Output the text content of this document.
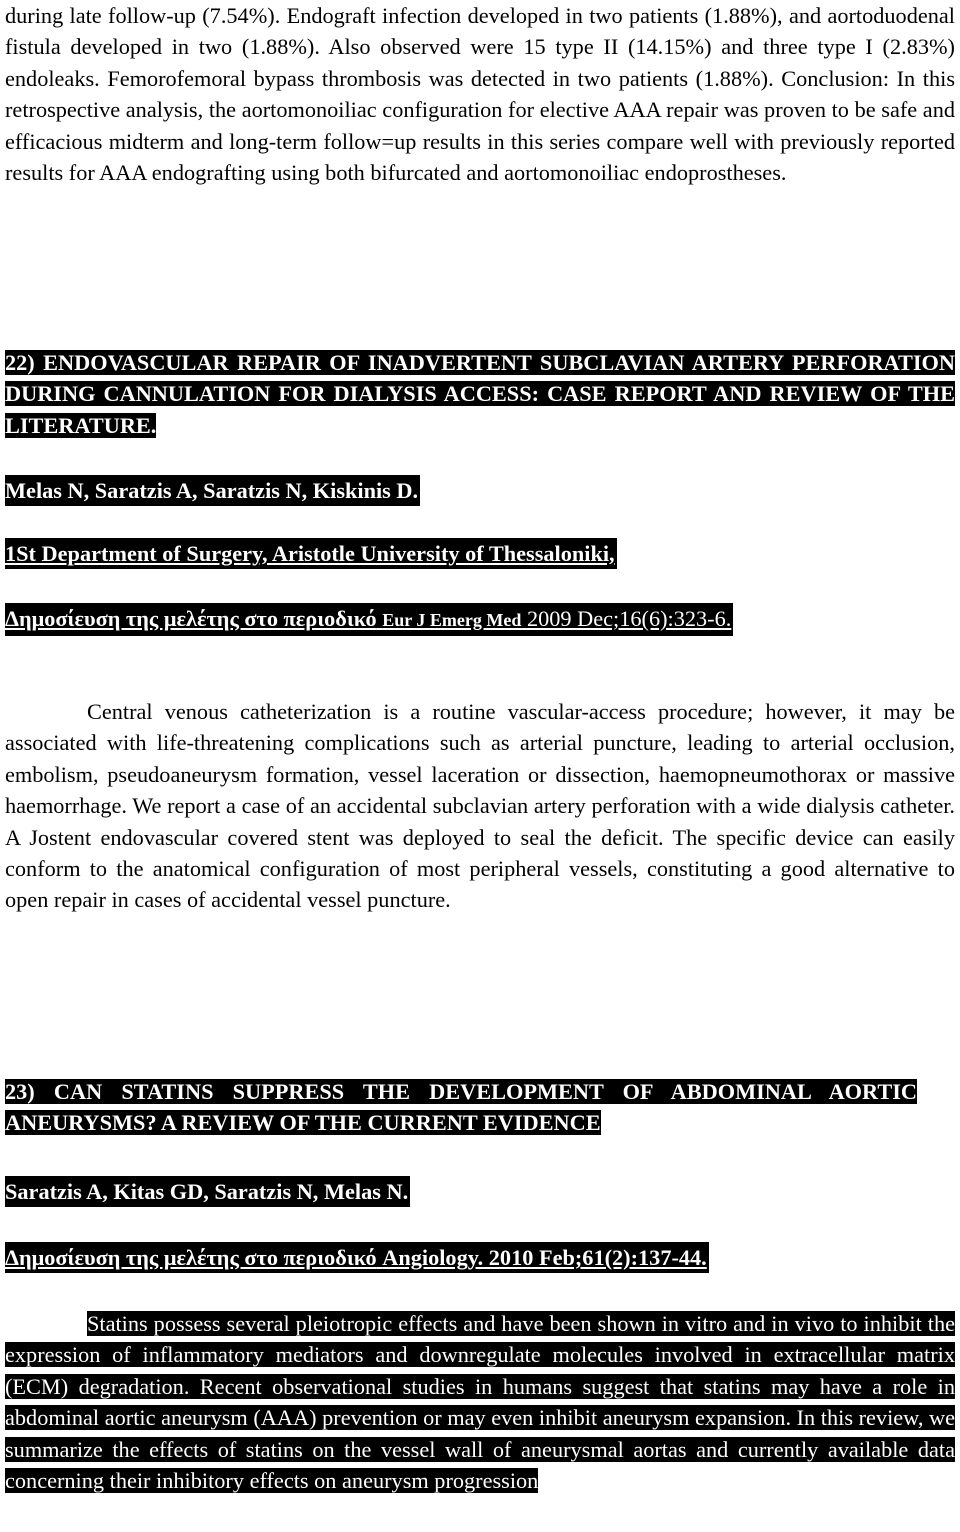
during late follow-up (7.54%). Endograft infection developed in two patients (1.88%), and aortoduodenal fistula developed in two (1.88%). Also observed were 15 type II (14.15%) and three type I (2.83%) endoleaks. Femorofemoral bypass thrombosis was detected in two patients (1.88%). Conclusion: In this retrospective analysis, the aortomonoiliac configuration for elective AAA repair was proven to be safe and efficacious midterm and long-term follow=up results in this series compare well with previously reported results for AAA endografting using both bifurcated and aortomonoiliac endoprostheses.

22) ENDOVASCULAR REPAIR OF INADVERTENT SUBCLAVIAN ARTERY PERFORATION DURING CANNULATION FOR DIALYSIS ACCESS: CASE REPORT AND REVIEW OF THE LITERATURE.

Melas N, Saratzis A, Saratzis N, Kiskinis D.
1St Department of Surgery, Aristotle University of Thessaloniki,
Δημοσίευση της μελέτης στο περιοδικό Eur J Emerg Med 2009 Dec;16(6):323-6.

Central venous catheterization is a routine vascular-access procedure; however, it may be associated with life-threatening complications such as arterial puncture, leading to arterial occlusion, embolism, pseudoaneurysm formation, vessel laceration or dissection, haemopneumothorax or massive haemorrhage. We report a case of an accidental subclavian artery perforation with a wide dialysis catheter. A Jostent endovascular covered stent was deployed to seal the deficit. The specific device can easily conform to the anatomical configuration of most peripheral vessels, constituting a good alternative to open repair in cases of accidental vessel puncture.

23) CAN STATINS SUPPRESS THE DEVELOPMENT OF ABDOMINAL AORTIC ANEURYSMS? A REVIEW OF THE CURRENT EVIDENCE

Saratzis A, Kitas GD, Saratzis N, Melas N.
Δημοσίευση της μελέτης στο περιοδικό Angiology. 2010 Feb;61(2):137-44.

Statins possess several pleiotropic effects and have been shown in vitro and in vivo to inhibit the expression of inflammatory mediators and downregulate molecules involved in extracellular matrix (ECM) degradation. Recent observational studies in humans suggest that statins may have a role in abdominal aortic aneurysm (AAA) prevention or may even inhibit aneurysm expansion. In this review, we summarize the effects of statins on the vessel wall of aneurysmal aortas and currently available data concerning their inhibitory effects on aneurysm progression
